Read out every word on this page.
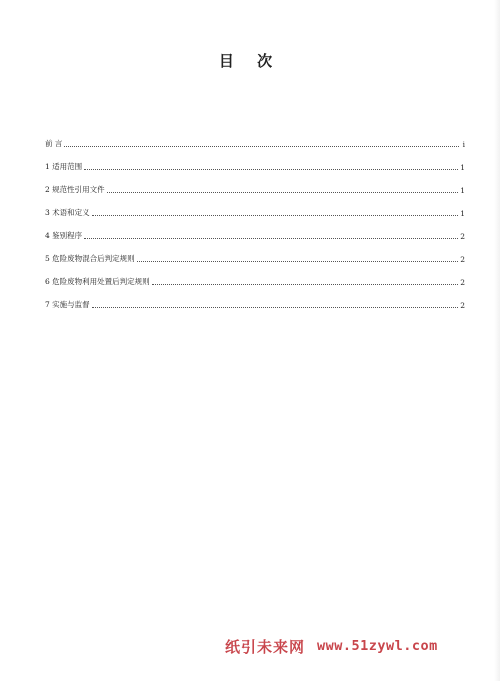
目 次
前 言	i
1 适用范围	1
2 规范性引用文件	1
3 术语和定义	1
4 鉴别程序	2
5 危险废物混合后判定规则	2
6 危险废物利用处置后判定规则	2
7 实施与监督	2
纸引未来网 www.51zywl.com
